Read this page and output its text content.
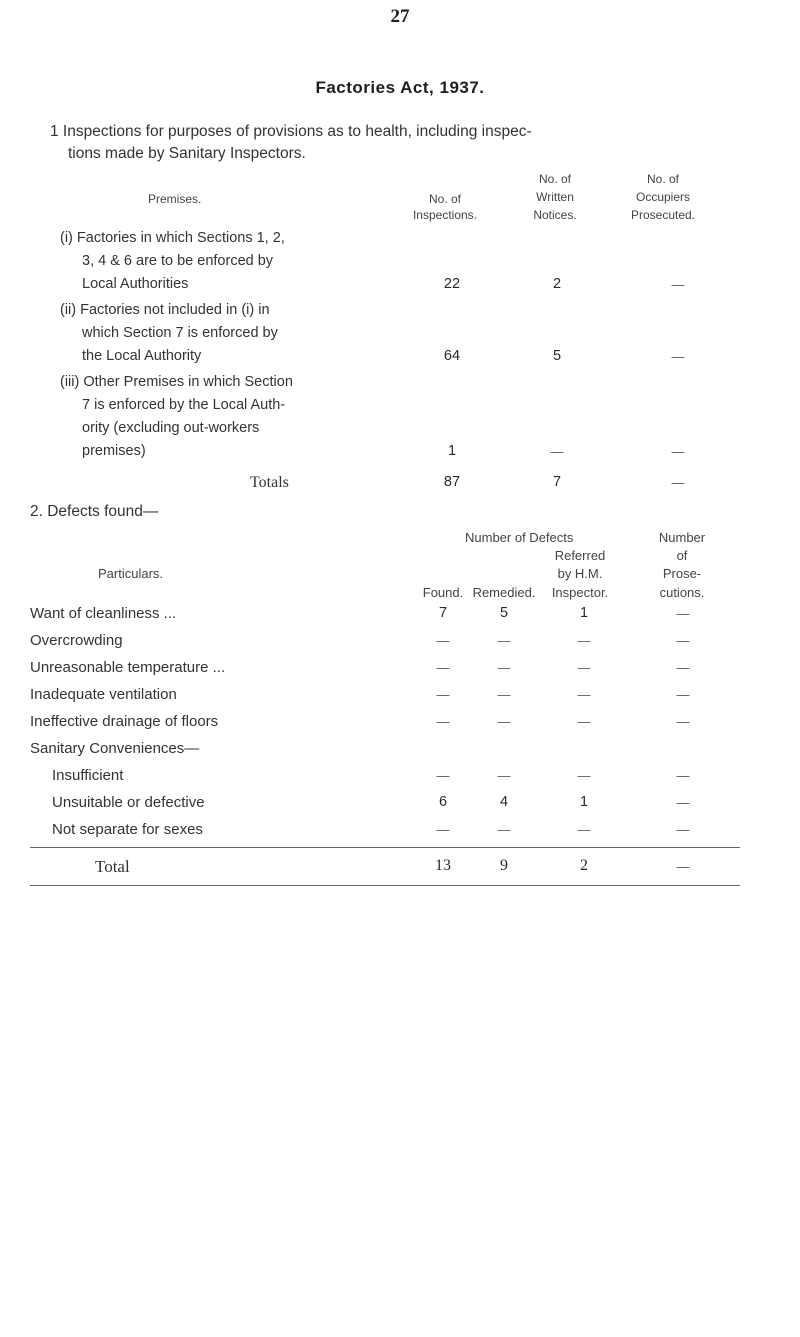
27
Factories Act, 1937.
1 Inspections for purposes of provisions as to health, including inspec-
tions made by Sanitary Inspectors.
Premises.	No. of
Inspections.
No. of
Written
Notices.
No. of
Occupiers
Prosecuted.
(i) Factories in which Sections 1, 2,
3, 4 & 6 are to be enforced by
Local Authorities	22	2	—
(ii) Factories not included in (i) in
which Section 7 is enforced by
the Local Authority	64	5	—
(iii) Other Premises in which Section
7 is enforced by the Local Auth-
ority (excluding out-workers
premises)	1	—	—
Totals	87	7	—
2. Defects found—
Number of Defects
Particulars.
Found. Remedied.
Referred
by H.M.
Inspector.
Number
of
Prose-
cutions.
Want of cleanliness ...	7	5	1	—
Overcrowding	—	—	—	—
Unreasonable temperature ...	—	—	—	—
Inadequate ventilation	—	—	—	—
Ineffective drainage of floors	—	—	—	—
Sanitary Conveniences—
Insufficient	—	—	—	—
Unsuitable or defective	6	4	1	—
Not separate for sexes	—	—	—	—
Total	13	9	2	—
